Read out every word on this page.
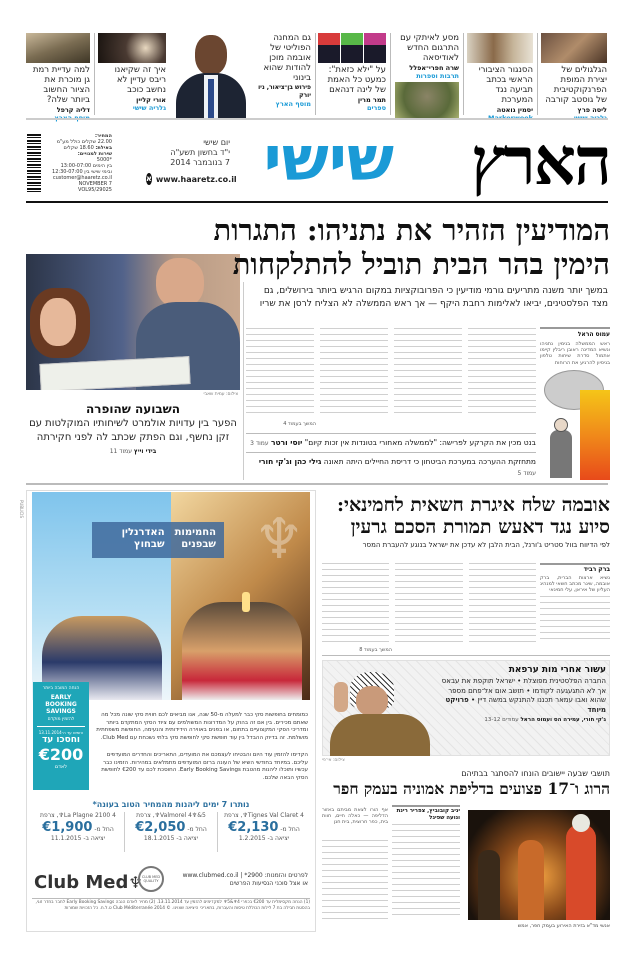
הגלגולים של יצירת המופת הפרנקוקטיבית של גוסטב קורבה
ליסה פרץ
הסנגור הציבורי הראשי בכתב תביעה נגד המערכת
יסמין גואטה
מסע לאיתקי עם התרגום החדש לאודיסאה
שרה חפרי־אפלל
תרבות וספרות
על "ילא כזאת": כמעט כל האמת של לינה דנהאם
תמר מרין
ספרים
גם המחנה הפוליטי של אובמה מוכן להודות שהוא בינוני
פירוש בן־ציאור, ניו יורק
מוסף הארץ
איך זה שקיאנו ריבס עדיין לא נחשב כוכב
אורי קליין
גלריה שישי
למה עדיית רמת גן מוכרת את הציור החשוב ביותר שלה?
דליה קרפל
הארץ
שישי
יום שישי
י"ד בחשון תשע"ה
7 בנובמבר 2014
א www.haaretz.co.il
המחיר:
22.00 שקלים כולל מע"מ
באילת: 18.60 שקלים
שירות למנויים:
*5000
בין הימים 13:00-07:00
ובימי שישי בין 12:30-07:00
customer@haaretz.co.il
NOVEMBER 7
VOL95/29025
המודיעין הזהיר את נתניהו: התגרות
הימין בהר הבית תוביל להתלקחות
במשך יותר משנה מתריעים גורמי מודיעין כי הפרובוקציות במקום הרגיש ביותר בירושלים, גם מצד הפלסטינים, יביאו לאלימות רחבת היקף — אך ראש הממשלה לא הצליח לרסן את שריו
עמוס הראל
ראש הממשלה בנימין נתניהו ונשיא המדינה ראובן ריבלין קיימו אתמול סדרת שיחות טלפון בניסיון להרגיע את הרוחות
המשך בעמוד 4
בנט מכין את הקרקע לפרישה: "לממשלה מאחורי בטונדות אין זכות קיום" יוסי ורטר עמוד 3
מתחזקת ההערכה במערכת הביטחון כי דריסת החיילים היתה תאונה גילי כהן וג'קי חורי עמוד 5
צילום: עמית שאבי
השבועה שהופרה
הפער בין עדויות אולמרט לשיחותיו המוקלטות עם זקן נחשף, וגם הפתק שכתב לה לפני חקירתה
בידי וייץ עמוד 11
אובמה שלח איגרת חשאית לחמינאי:
סיוע נגד דאעש תמורת הסכם גרעין
לפי הדיווח בוול סטריט ג'ורנל, הבית הלבן לא עדכן את ישראל בנוגע להעברת המסר
ברק רביד
נשיא ארצות הברית, ברק אובמה, שיגר מכתב חשאי למנהיג העליון של איראן, עלי חמינאי
המשך בעמוד 8
עשור אחרי מות ערפאת
החברה הפלסטינית מפוצלת • ישראל תוקפת את עבאס אך לא התגעגעה לקודמו • תושב אום אל־פחם מספר שהוא ואבו עמאר תכננו להתנקש במשה דיין • פרויקט מיוחד
ג'קי חורי, עמירה הס ועמוס הראל עמודים 13-12
צילום: אי־פי
תושבי שבעה יישובים הונחו להסתגר בבתיהם
הרוג ו־17 פצועים בדליפת אמוניה בעמק חפר
יניב קובוביץ, צפריר רינת ונועה שפיגל
אף הורו לצאת מביתם באזור הדליפה — כאלה חיים, חוות בית, כפר חרוצית, בית חנן
אנשי מד"א בזירת האירוע בעמק חפר, אמש
PUBLICIS	♆
החמימות
שבפנים
האדרנלין
שבחוץ
הנחה המובה ביותר
EARLY BOOKING SAVINGS
להזמין מוקדם
הזמינו עד ה-13.11.2014
וחסכו עד
€200
לאדם
כמומחים בחופשות סקי כבר למעלה מ-50 שנה, אנו מביאים לכם חווית סקי שונה מכל מה שאתם מכירים. בין אם זה בהוק על המדרונות המשולמים עם ציוד הסקי המתקדם ביותר ומדריכי הסקי המקצועיים בתחום, או בפנים באווירה הידידותית והנעימה, החופשת משפחתית מושלמת. זה בדיוק ההבדל בין עוד חופשת סקי לחופשת סקי בלתי נשכחת עם Club Med.
הקדימו להזמין עוד היום והבטיחו לעצמכם את המועדים, התאריכים והחדרים המועדפים עליכם. במיוחד בחודשי השיא של העונה ברזם המועדפים מתמלאים במהירות. הזמינו כבר עכשיו ותוכלו ליהנות מהטבת Early Booking Savings. החוסכת לכם עד €200 לחופשת הסקי הבאה שלכם.
נותרו 7 ימים ליהנות מהמחיר הטוב בעונה*
Tignes Val Claret 4♆, צרפת
החל מ- €2,130
יציאה ב- 1.2.2015
Valmorel 4♆&5♆, צרפת
החל מ- €2,050
יציאה ב- 18.1.2015
La Plagne 2100 4♆, צרפת
החל מ- €1,900
יציאה ב- 11.1.2015
Club Med♆ CLUB MED QUALITY
לפרטים והזמנות: 2900* | www.clubmed.co.il
או אצל סוכני הנסיעות הפרשים
(1) הנחה מקסימלית עד €200 בכפרי 4♆&5♆ למקדימים להזמין עד 13.11.2014. (2) מחיר לאדם הנבה Early Booking Savings לחבר בחדר זוגי, בהסטת תבילה בת 7 לילות הכוללת טיסות והעברות, בתאריכי היציאה שצוינו. © Club Méditerranée 2014 ט.ל.ח. כל הזכויות שמורות
